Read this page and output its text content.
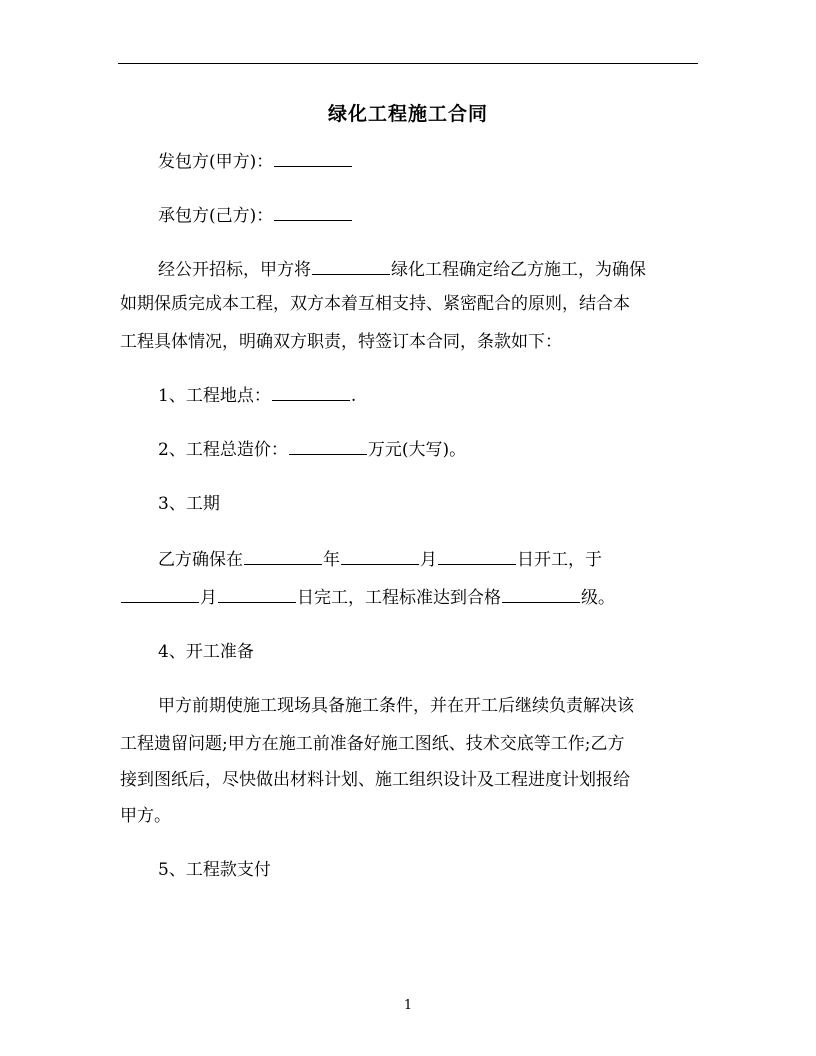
绿化工程施工合同
发包方(甲方)：
承包方(己方)：
经公开招标，甲方将	绿化工程确定给乙方施工，为确保
如期保质完成本工程，双方本着互相支持、紧密配合的原则，结合本
工程具体情况，明确双方职责，特签订本合同，条款如下：
1、工程地点：	.
2、工程总造价：	万元(大写)。
3、工期
乙方确保在	年	月	日开工，于
月	日完工，工程标准达到合格	级。
4、开工准备
甲方前期使施工现场具备施工条件，并在开工后继续负责解决该
工程遗留问题;甲方在施工前准备好施工图纸、技术交底等工作;乙方
接到图纸后，尽快做出材料计划、施工组织设计及工程进度计划报给
甲方。
5、工程款支付
1
